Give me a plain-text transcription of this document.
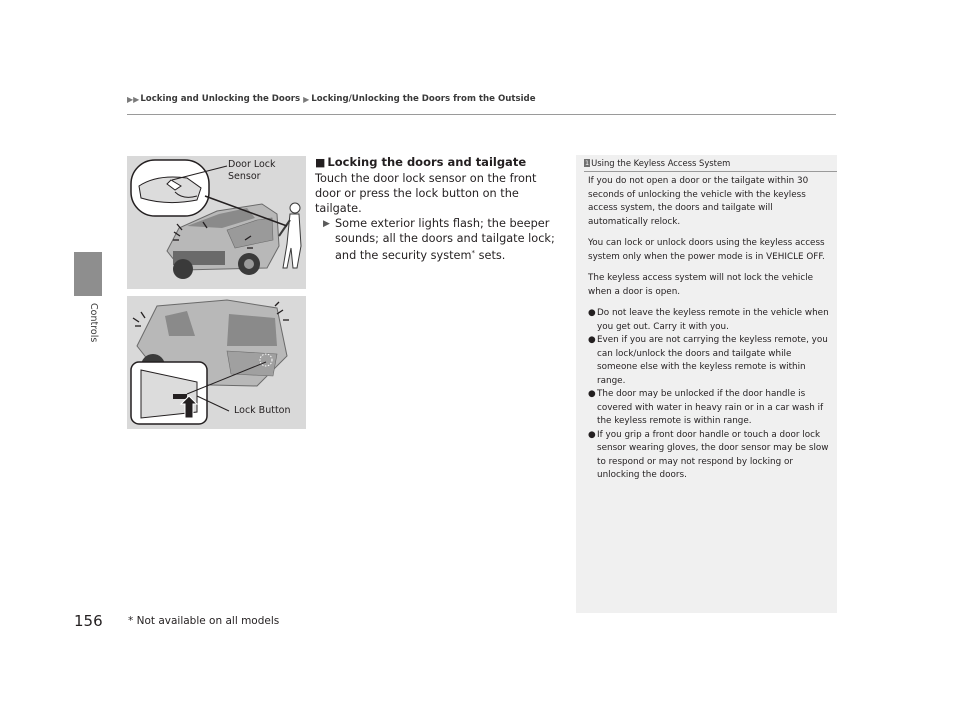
▶▶ Locking and Unlocking the Doors ▶ Locking/Unlocking the Doors from the Outside
Controls
Door Lock
Sensor
Lock Button
■ Locking the doors and tailgate
Touch the door lock sensor on the front door or press the lock button on the tailgate.
▶ Some exterior lights flash; the beeper sounds; all the doors and tailgate lock; and the security system* sets.
1 Using the Keyless Access System

If you do not open a door or the tailgate within 30 seconds of unlocking the vehicle with the keyless access system, the doors and tailgate will automatically relock.

You can lock or unlock doors using the keyless access system only when the power mode is in VEHICLE OFF.

The keyless access system will not lock the vehicle when a door is open.

● Do not leave the keyless remote in the vehicle when you get out. Carry it with you.
● Even if you are not carrying the keyless remote, you can lock/unlock the doors and tailgate while someone else with the keyless remote is within range.
● The door may be unlocked if the door handle is covered with water in heavy rain or in a car wash if the keyless remote is within range.
● If you grip a front door handle or touch a door lock sensor wearing gloves, the door sensor may be slow to respond or may not respond by locking or unlocking the doors.
156 * Not available on all models
